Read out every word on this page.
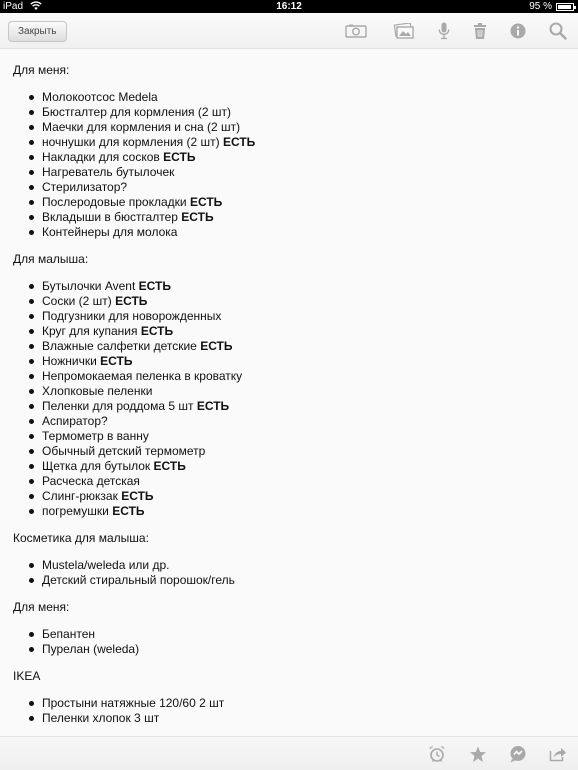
iPad	16:12	95 %
Закрыть
Для меня:
Молокоотсос Medela
Бюстгалтер для кормления (2 шт)
Маечки для кормления и сна (2 шт)
ночнушки для кормления (2 шт) ЕСТЬ
Накладки для сосков ЕСТЬ
Нагреватель бутылочек
Стерилизатор?
Послеродовые прокладки ЕСТЬ
Вкладыши в бюстгалтер ЕСТЬ
Контейнеры для молока
Для малыша:
Бутылочки Avent ЕСТЬ
Соски (2 шт) ЕСТЬ
Подгузники для новорожденных
Круг для купания ЕСТЬ
Влажные салфетки детские ЕСТЬ
Ножнички ЕСТЬ
Непромокаемая пеленка в кроватку
Хлопковые пеленки
Пеленки для роддома 5 шт ЕСТЬ
Аспиратор?
Термометр в ванну
Обычный детский термометр
Щетка для бутылок ЕСТЬ
Расческа детская
Слинг-рюкзак ЕСТЬ
погремушки ЕСТЬ
Косметика для малыша:
Mustela/weleda или др.
Детский стиральный порошок/гель
Для меня:
Бепантен
Пурелан (weleda)
IKEA
Простыни натяжные 120/60 2 шт
Пеленки хлопок 3 шт
